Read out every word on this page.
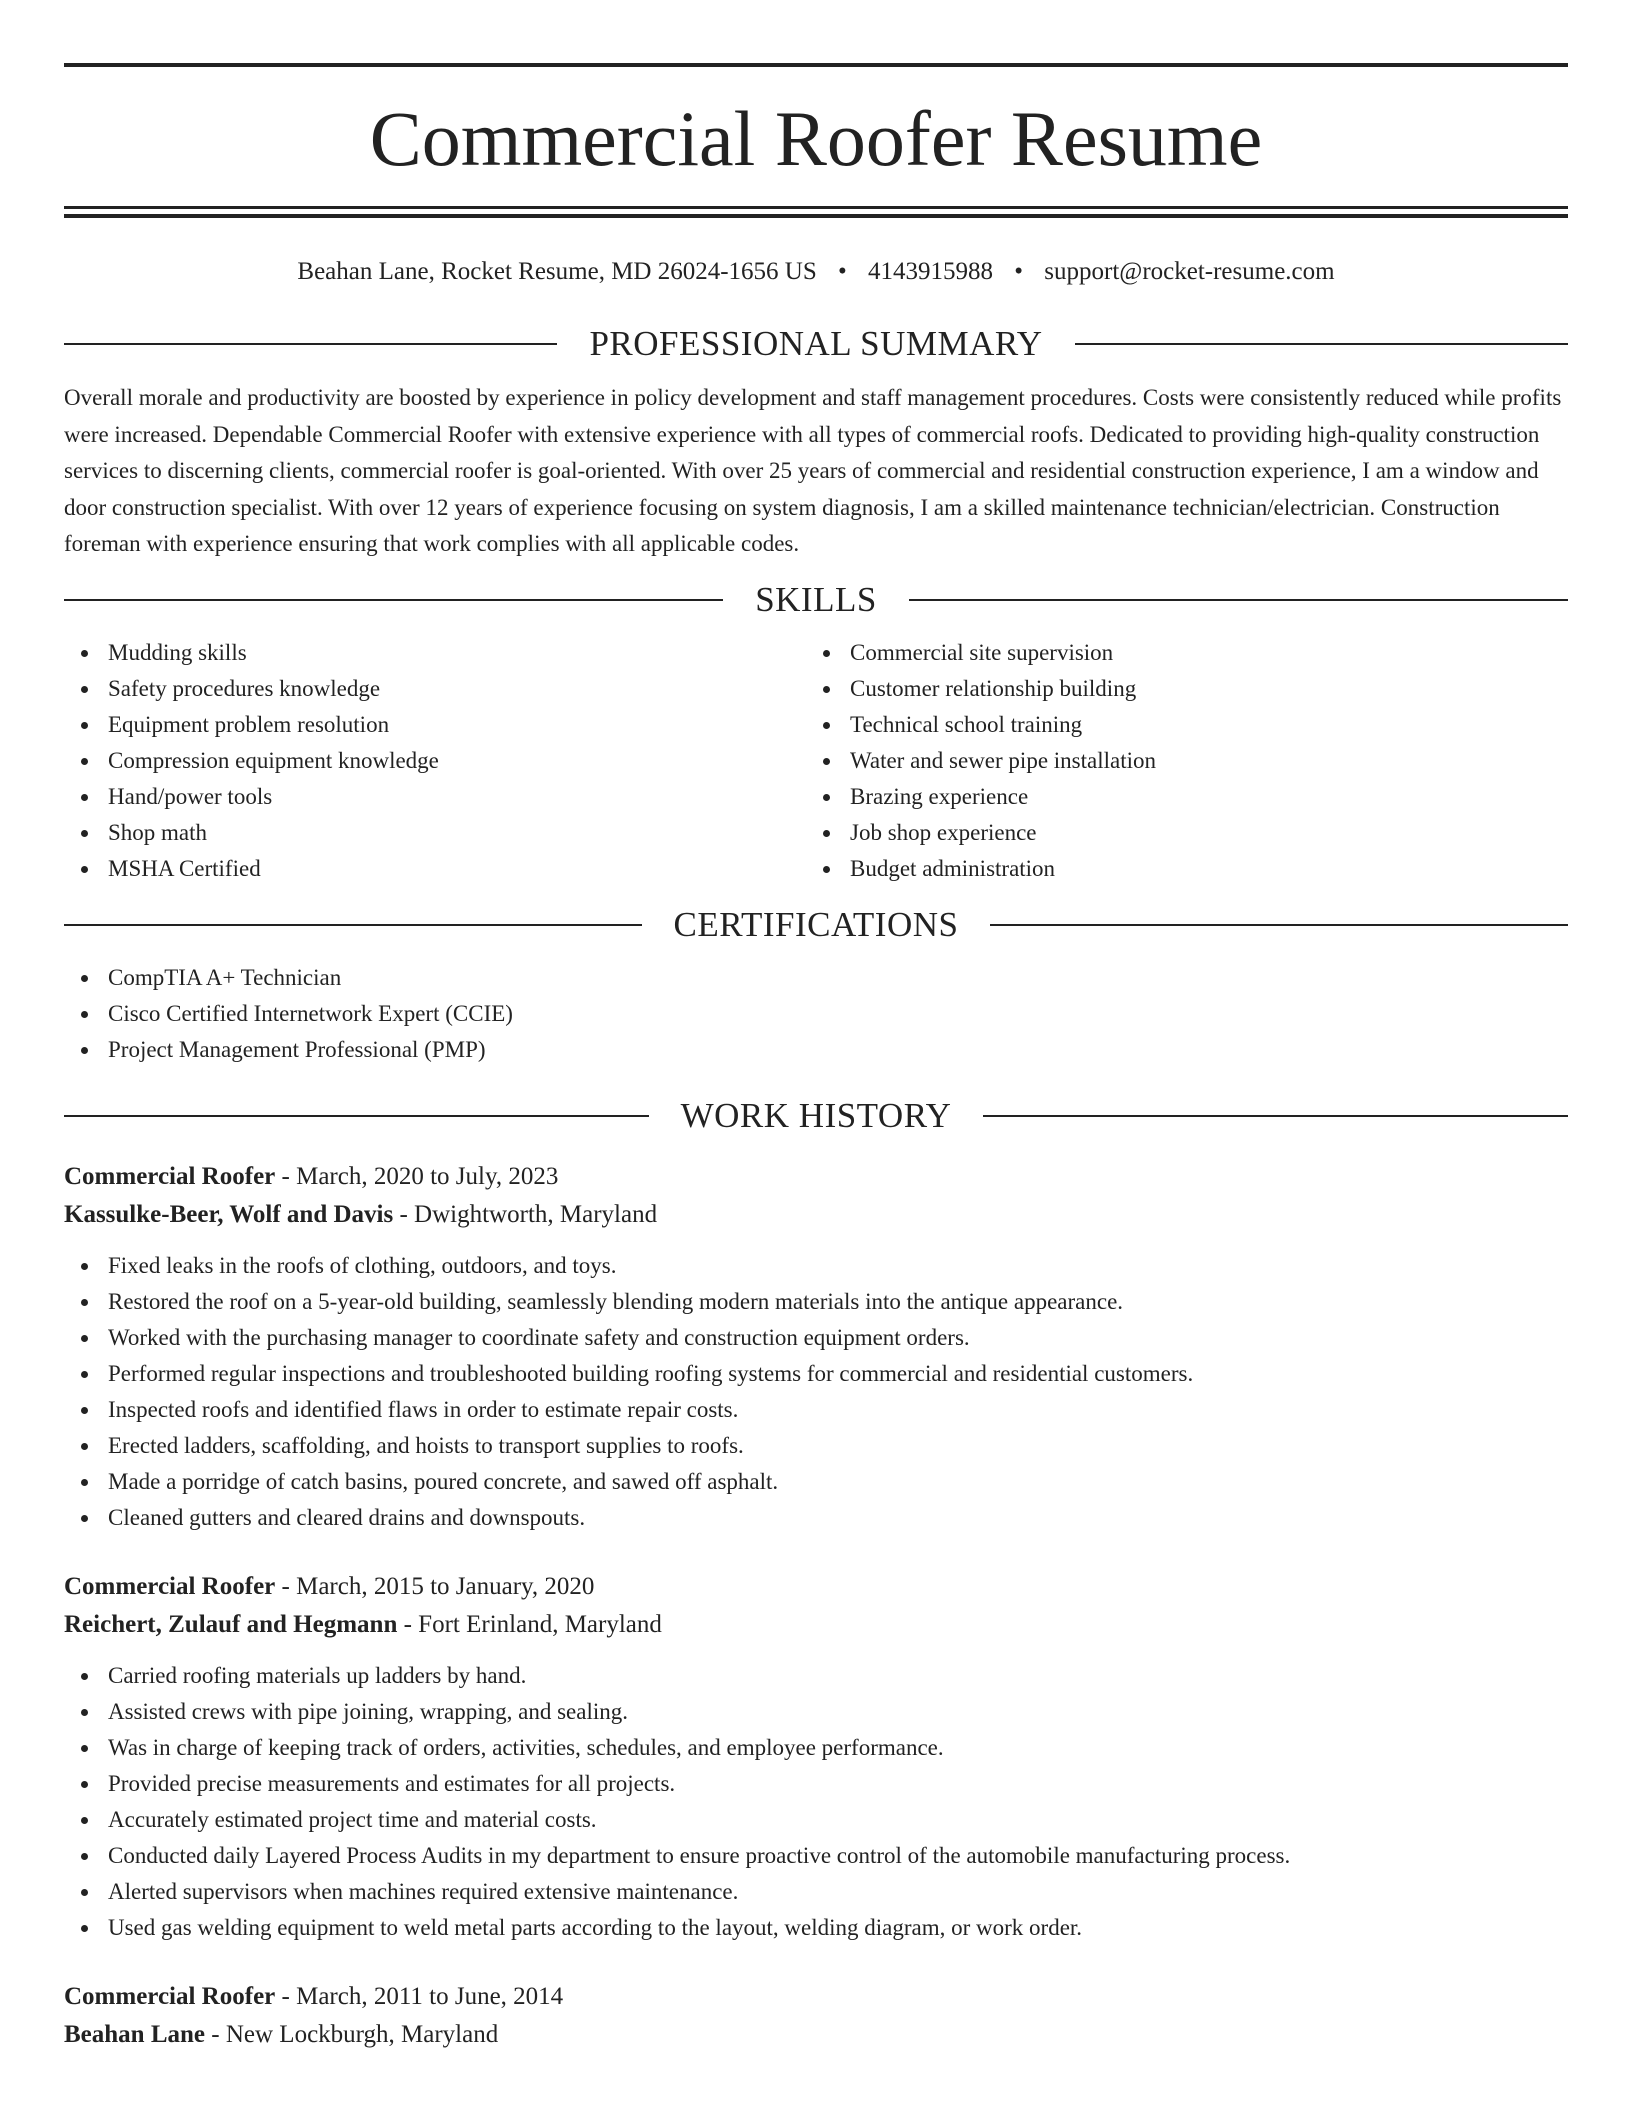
Commercial Roofer Resume
Beahan Lane, Rocket Resume, MD 26024-1656 US • 4143915988 • support@rocket-resume.com
PROFESSIONAL SUMMARY

Overall morale and productivity are boosted by experience in policy development and staff management procedures. Costs were consistently reduced while profits were increased. Dependable Commercial Roofer with extensive experience with all types of commercial roofs. Dedicated to providing high-quality construction services to discerning clients, commercial roofer is goal-oriented. With over 25 years of commercial and residential construction experience, I am a window and door construction specialist. With over 12 years of experience focusing on system diagnosis, I am a skilled maintenance technician/electrician. Construction foreman with experience ensuring that work complies with all applicable codes.

SKILLS
Mudding skills
Safety procedures knowledge
Equipment problem resolution
Compression equipment knowledge
Hand/power tools
Shop math
MSHA Certified
Commercial site supervision
Customer relationship building
Technical school training
Water and sewer pipe installation
Brazing experience
Job shop experience
Budget administration
CERTIFICATIONS
CompTIA A+ Technician
Cisco Certified Internetwork Expert (CCIE)
Project Management Professional (PMP)
WORK HISTORY
Commercial Roofer - March, 2020 to July, 2023
Kassulke-Beer, Wolf and Davis - Dwightworth, Maryland
Fixed leaks in the roofs of clothing, outdoors, and toys.
Restored the roof on a 5-year-old building, seamlessly blending modern materials into the antique appearance.
Worked with the purchasing manager to coordinate safety and construction equipment orders.
Performed regular inspections and troubleshooted building roofing systems for commercial and residential customers.
Inspected roofs and identified flaws in order to estimate repair costs.
Erected ladders, scaffolding, and hoists to transport supplies to roofs.
Made a porridge of catch basins, poured concrete, and sawed off asphalt.
Cleaned gutters and cleared drains and downspouts.
Commercial Roofer - March, 2015 to January, 2020
Reichert, Zulauf and Hegmann - Fort Erinland, Maryland
Carried roofing materials up ladders by hand.
Assisted crews with pipe joining, wrapping, and sealing.
Was in charge of keeping track of orders, activities, schedules, and employee performance.
Provided precise measurements and estimates for all projects.
Accurately estimated project time and material costs.
Conducted daily Layered Process Audits in my department to ensure proactive control of the automobile manufacturing process.
Alerted supervisors when machines required extensive maintenance.
Used gas welding equipment to weld metal parts according to the layout, welding diagram, or work order.
Commercial Roofer - March, 2011 to June, 2014
Beahan Lane - New Lockburgh, Maryland
